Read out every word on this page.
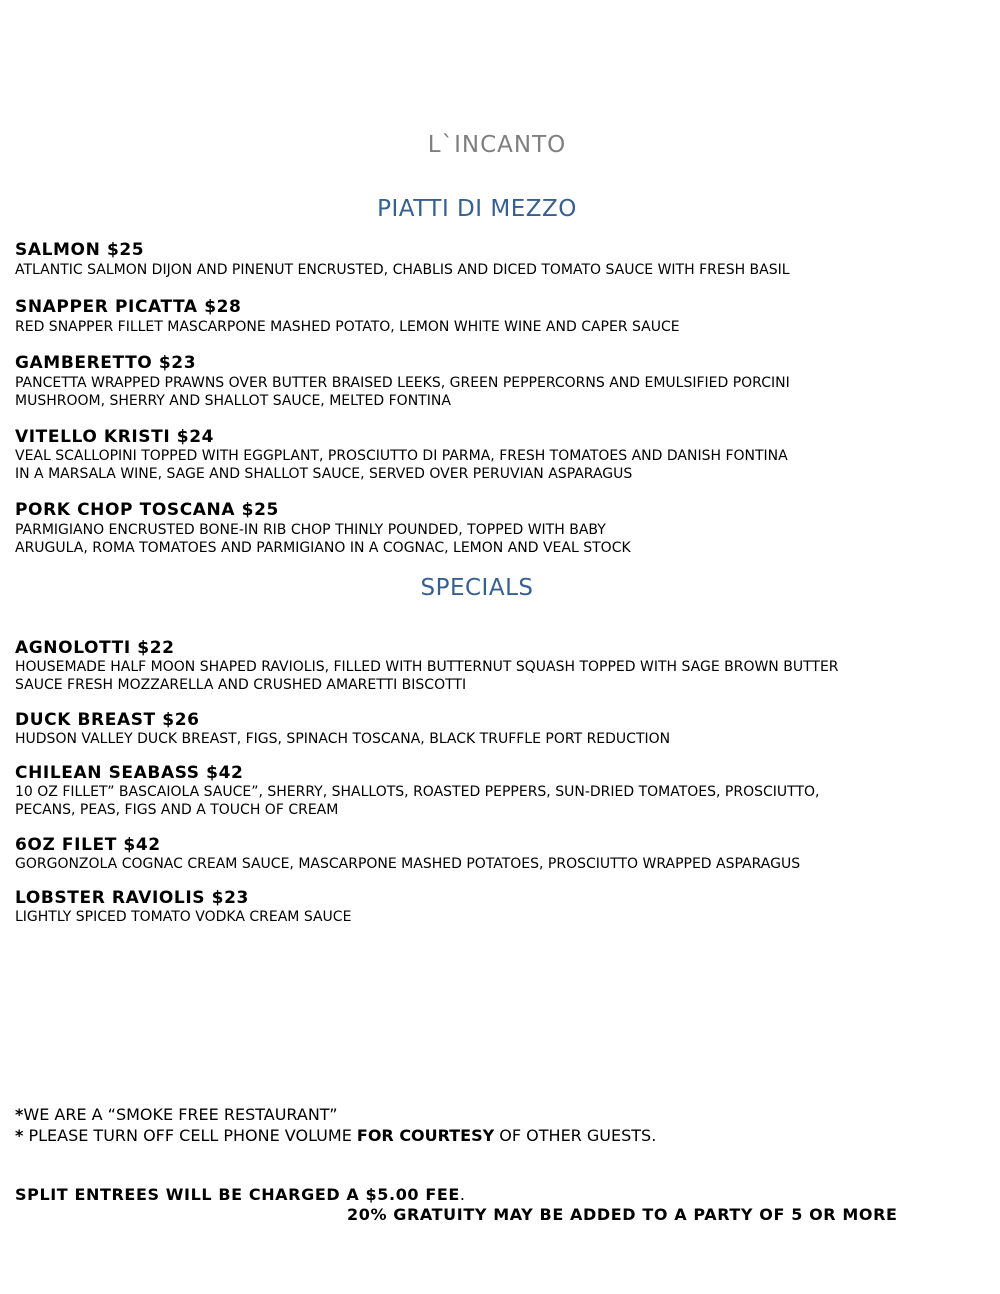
L`INCANTO
PIATTI DI MEZZO
SALMON $25
ATLANTIC SALMON DIJON AND PINENUT ENCRUSTED, CHABLIS AND DICED TOMATO SAUCE WITH FRESH BASIL
SNAPPER PICATTA $28
RED SNAPPER FILLET MASCARPONE MASHED POTATO, LEMON WHITE WINE AND CAPER SAUCE
GAMBERETTO $23
PANCETTA WRAPPED PRAWNS OVER BUTTER BRAISED LEEKS, GREEN PEPPERCORNS AND EMULSIFIED PORCINI
MUSHROOM, SHERRY AND SHALLOT SAUCE, MELTED FONTINA
VITELLO KRISTI $24
VEAL SCALLOPINI TOPPED WITH EGGPLANT, PROSCIUTTO DI PARMA, FRESH TOMATOES AND DANISH FONTINA
IN A MARSALA WINE, SAGE AND SHALLOT SAUCE, SERVED OVER PERUVIAN ASPARAGUS
PORK CHOP TOSCANA $25
PARMIGIANO ENCRUSTED BONE-IN RIB CHOP THINLY POUNDED, TOPPED WITH BABY
ARUGULA, ROMA TOMATOES AND PARMIGIANO IN A COGNAC, LEMON AND VEAL STOCK
SPECIALS
AGNOLOTTI $22
HOUSEMADE HALF MOON SHAPED RAVIOLIS, FILLED WITH BUTTERNUT SQUASH TOPPED WITH SAGE BROWN BUTTER
SAUCE FRESH MOZZARELLA AND CRUSHED AMARETTI BISCOTTI
DUCK BREAST $26
HUDSON VALLEY DUCK BREAST, FIGS, SPINACH TOSCANA, BLACK TRUFFLE PORT REDUCTION
CHILEAN SEABASS $42
10 OZ FILLET” BASCAIOLA SAUCE”, SHERRY, SHALLOTS, ROASTED PEPPERS, SUN-DRIED TOMATOES, PROSCIUTTO,
PECANS, PEAS, FIGS AND A TOUCH OF CREAM
6OZ FILET $42
GORGONZOLA COGNAC CREAM SAUCE, MASCARPONE MASHED POTATOES, PROSCIUTTO WRAPPED ASPARAGUS
LOBSTER RAVIOLIS $23
LIGHTLY SPICED TOMATO VODKA CREAM SAUCE
*WE ARE A “SMOKE FREE RESTAURANT”
* PLEASE TURN OFF CELL PHONE VOLUME FOR COURTESY OF OTHER GUESTS.
SPLIT ENTREES WILL BE CHARGED A $5.00 FEE.
20% GRATUITY MAY BE ADDED TO A PARTY OF 5 OR MORE
